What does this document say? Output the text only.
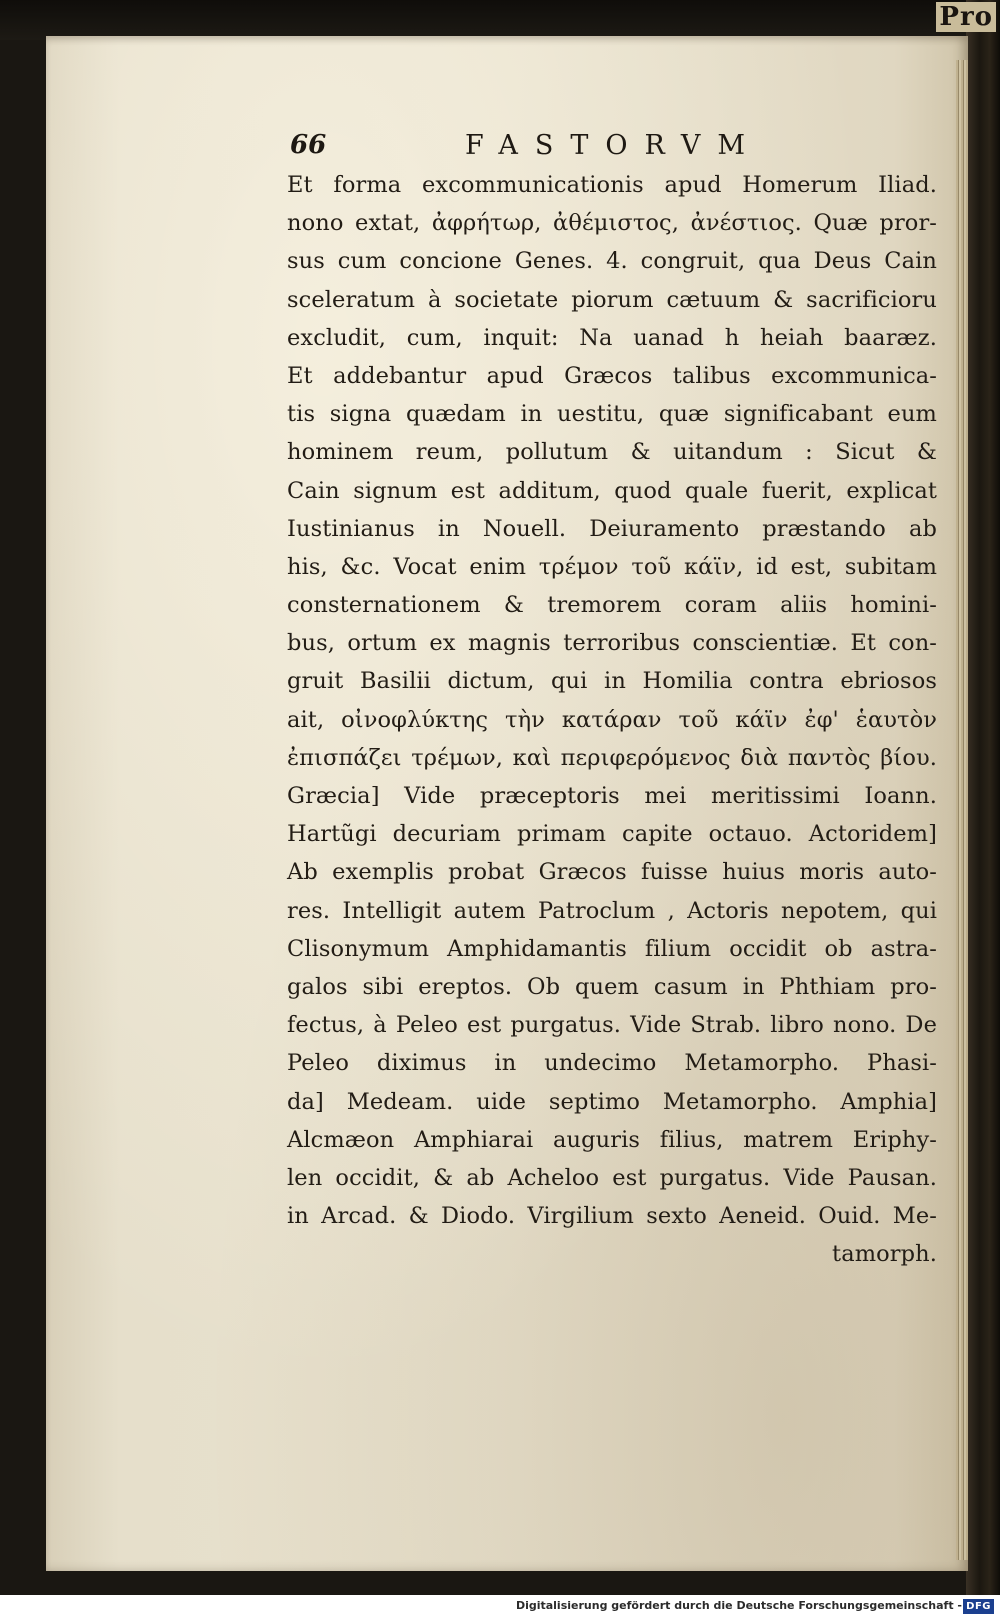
Pro
66	FASTORVM
Et forma excommunicationis apud Homerum Iliad.
nono extat, ἀφρήτωρ, ἀθέμιστος, ἀνέστιος. Quæ pror-
sus cum concione Genes. 4. congruit, qua Deus Cain
sceleratum à societate piorum cætuum & sacrificioru
excludit, cum, inquit: Na uanad h heiah baaræz.
Et addebantur apud Græcos talibus excommunica-
tis signa quædam in uestitu, quæ significabant eum
hominem reum, pollutum & uitandum : Sicut &
Cain signum est additum, quod quale fuerit, explicat
Iustinianus in Nouell. Deiuramento præstando ab
his, &c. Vocat enim τρέμον τοῦ κάϊν, id est, subitam
consternationem & tremorem coram aliis homini-
bus, ortum ex magnis terroribus conscientiæ. Et con-
gruit Basilii dictum, qui in Homilia contra ebriosos
ait, οἰνοφλύκτης τὴν κατάραν τοῦ κάϊν ἐφ' ἑαυτὸν
ἐπισπάζει τρέμων, καὶ περιφερόμενος διὰ παντὸς βίου.
Græcia] Vide præceptoris mei meritissimi Ioann.
Hartũgi decuriam primam capite octauo. Actoridem]
Ab exemplis probat Græcos fuisse huius moris auto-
res. Intelligit autem Patroclum , Actoris nepotem, qui
Clisonymum Amphidamantis filium occidit ob astra-
galos sibi ereptos. Ob quem casum in Phthiam pro-
fectus, à Peleo est purgatus. Vide Strab. libro nono. De
Peleo diximus in undecimo Metamorpho. Phasi-
da] Medeam. uide septimo Metamorpho. Amphia]
Alcmæon Amphiarai auguris filius, matrem Eriphy-
len occidit, & ab Acheloo est purgatus. Vide Pausan.
in Arcad. & Diodo. Virgilium sexto Aeneid. Ouid. Me-
tamorph.
Digitalisierung gefördert durch die Deutsche Forschungsgemeinschaft - DFG
